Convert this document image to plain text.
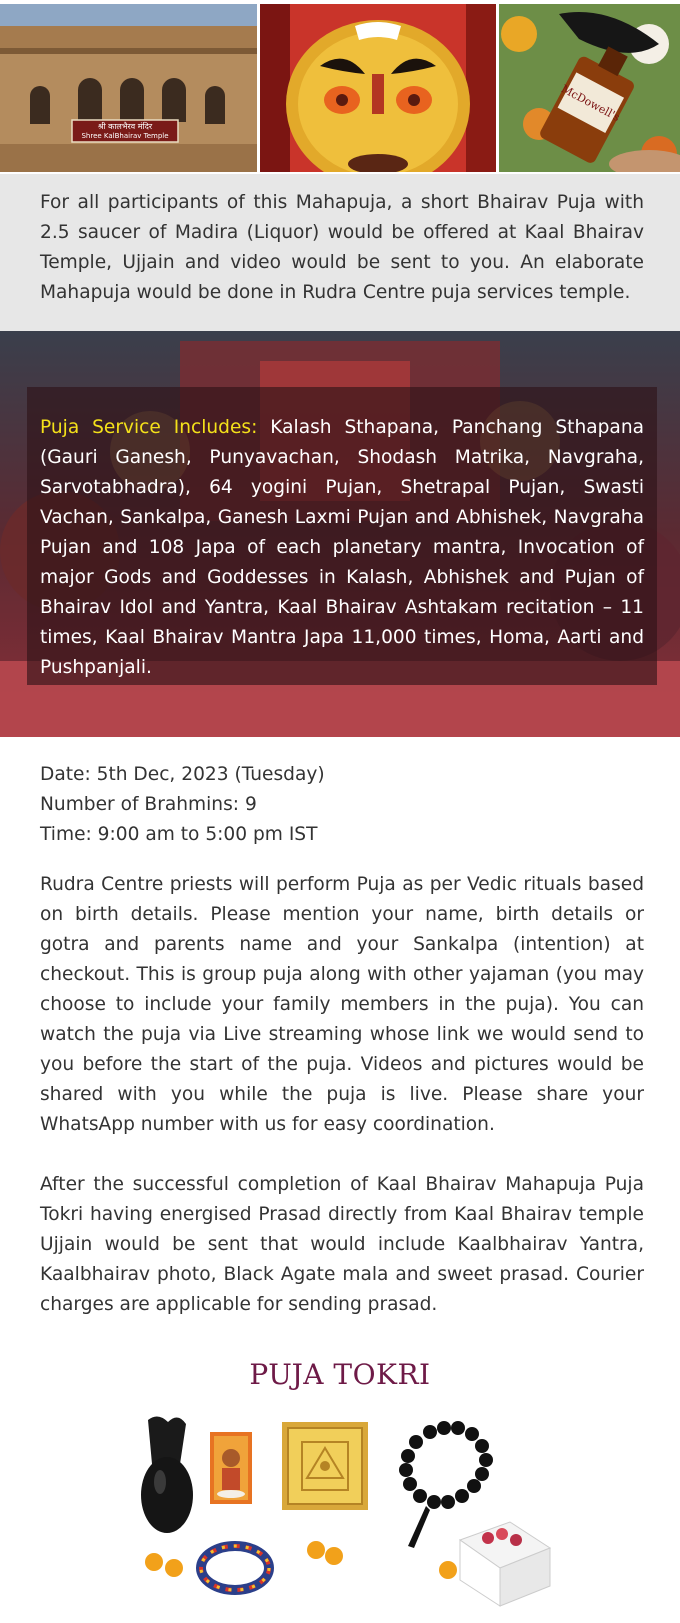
श्री कालभैरव मंदिर
Shree KalBhairav Temple
McDowell's

For all participants of this Mahapuja, a short Bhairav Puja with 2.5 saucer of Madira (Liquor) would be offered at Kaal Bhairav Temple, Ujjain and video would be sent to you. An elaborate Mahapuja would be done in Rudra Centre puja services temple.

Puja Service Includes: Kalash Sthapana, Panchang Sthapana (Gauri Ganesh, Punyavachan, Shodash Matrika, Navgraha, Sarvotabhadra), 64 yogini Pujan, Shetrapal Pujan, Swasti Vachan, Sankalpa, Ganesh Laxmi Pujan and Abhishek, Navgraha Pujan and 108 Japa of each planetary mantra, Invocation of major Gods and Goddesses in Kalash, Abhishek and Pujan of Bhairav Idol and Yantra, Kaal Bhairav Ashtakam recitation – 11 times, Kaal Bhairav Mantra Japa 11,000 times, Homa, Aarti and Pushpanjali.

Date: 5th Dec, 2023 (Tuesday)
Number of Brahmins: 9
Time: 9:00 am to 5:00 pm IST

Rudra Centre priests will perform Puja as per Vedic rituals based on birth details. Please mention your name, birth details or gotra and parents name and your Sankalpa (intention) at checkout. This is group puja along with other yajaman (you may choose to include your family members in the puja). You can watch the puja via Live streaming whose link we would send to you before the start of the puja. Videos and pictures would be shared with you while the puja is live. Please share your WhatsApp number with us for easy coordination.

After the successful completion of Kaal Bhairav Mahapuja Puja Tokri having energised Prasad directly from Kaal Bhairav temple Ujjain would be sent that would include Kaalbhairav Yantra, Kaalbhairav photo, Black Agate mala and sweet prasad. Courier charges are applicable for sending prasad.

PUJA TOKRI
